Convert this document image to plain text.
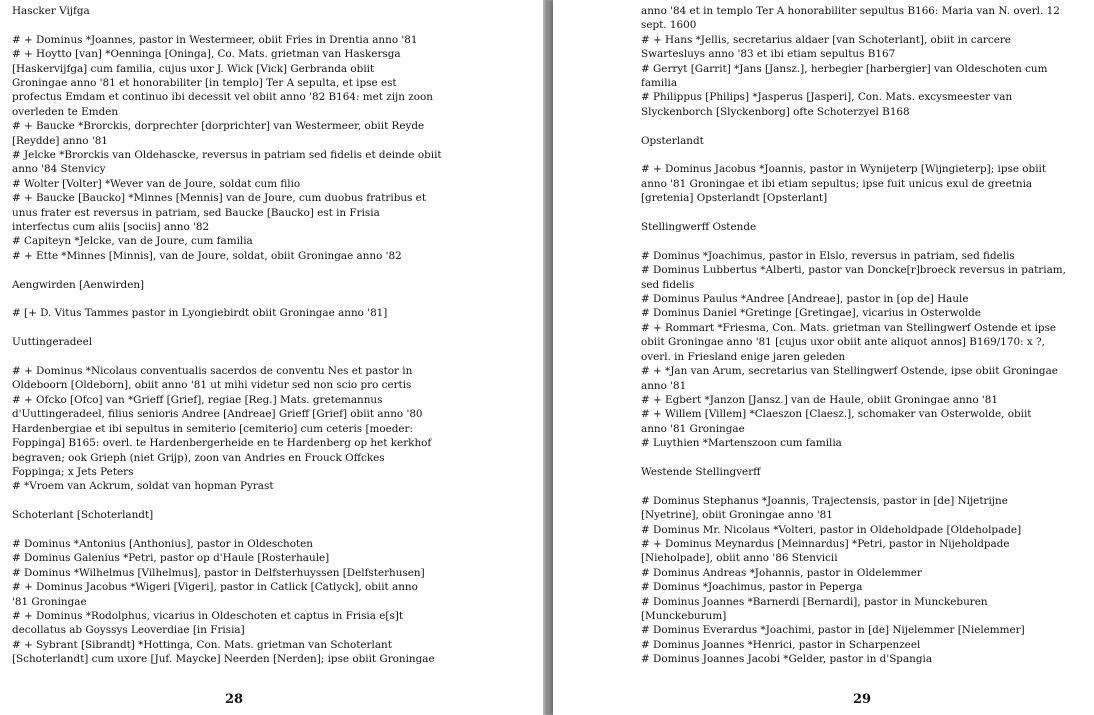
Hascker Vijfga
# + Dominus *Joannes, pastor in Westermeer, obiit Fries in Drentia anno '81
# + Hoytto [van] *Oenninga [Oninga], Co. Mats. grietman van Haskersga
[Haskervijfga] cum familia, cujus uxor J. Wick [Vick] Gerbranda obiit
Groningae anno '81 et honorabiliter [in templo] Ter A sepulta, et ipse est
profectus Emdam et continuo ibi decessit vel obiit anno '82 B164: met zijn zoon
overleden te Emden
# + Baucke *Brorckis, dorprechter [dorprichter] van Westermeer, obiit Reyde
[Reydde] anno '81
# Jelcke *Brorckis van Oldehascke, reversus in patriam sed fidelis et deinde obiit
anno '84 Stenvicy
# Wolter [Volter] *Wever van de Joure, soldat cum filio
# + Baucke [Baucko] *Minnes [Mennis] van de Joure, cum duobus fratribus et
unus frater est reversus in patriam, sed Baucke [Baucko] est in Frisia
interfectus cum aliis [sociis] anno '82
# Capiteyn *Jelcke, van de Joure, cum familia
# + Ette *Minnes [Minnis], van de Joure, soldat, obiit Groningae anno '82
Aengwirden [Aenwirden]
# [+ D. Vitus Tammes pastor in Lyongiebirdt obiit Groningae anno '81]
Uuttingeradeel
# + Dominus *Nicolaus conventualis sacerdos de conventu Nes et pastor in
Oldeboorn [Oldeborn], obiit anno '81 ut mihi videtur sed non scio pro certis
# + Ofcko [Ofco] van *Grieff [Grief], regiae [Reg.] Mats. gretemannus
d'Uuttingeradeel, filius senioris Andree [Andreae] Grieff [Grief] obiit anno '80
Hardenbergiae et ibi sepultus in semiterio [cemiterio] cum ceteris [moeder:
Foppinga] B165: overl. te Hardenbergerheide en te Hardenberg op het kerkhof
begraven; ook Grieph (niet Grijp), zoon van Andries en Frouck Offckes
Foppinga; x Jets Peters
# *Vroem van Ackrum, soldat van hopman Pyrast
Schoterlant [Schoterlandt]
# Dominus *Antonius [Anthonius], pastor in Oldeschoten
# Dominus Galenius *Petri, pastor op d'Haule [Rosterhaule]
# Dominus *Wilhelmus [Vilhelmus], pastor in Delfsterhuyssen [Delfsterhusen]
# + Dominus Jacobus *Wigeri [Vigeri], pastor in Catlick [Catlyck], obiit anno
'81 Groningae
# + Dominus *Rodolphus, vicarius in Oldeschoten et captus in Frisia e[s]t
decollatus ab Goyssys Leoverdiae [in Frisia]
# + Sybrant [Sibrandt] *Hottinga, Con. Mats. grietman van Schoterlant
[Schoterlandt] cum uxore [Juf. Maycke] Neerden [Nerden]; ipse obiit Groningae
28
anno '84 et in templo Ter A honorabiliter sepultus B166: Maria van N. overl. 12
sept. 1600
# + Hans *Jellis, secretarius aldaer [van Schoterlant], obiit in carcere
Swartesluys anno '83 et ibi etiam sepultus B167
# Gerryt [Garrit] *Jans [Jansz.], herbegier [harbergier] van Oldeschoten cum
familia
# Philippus [Philips] *Jasperus [Jasperi], Con. Mats. excysmeester van
Slyckenborch [Slyckenborg] ofte Schoterzyel B168
Opsterlandt
# + Dominus Jacobus *Joannis, pastor in Wynijeterp [Wijngieterp]; ipse obiit
anno '81 Groningae et ibi etiam sepultus; ipse fuit unicus exul de greetnia
[gretenia] Opsterlandt [Opsterlant]
Stellingwerff Ostende
# Dominus *Joachimus, pastor in Elslo, reversus in patriam, sed fidelis
# Dominus Lubbertus *Alberti, pastor van Doncke[r]broeck reversus in patriam,
sed fidelis
# Dominus Paulus *Andree [Andreae], pastor in [op de] Haule
# Dominus Daniel *Gretinge [Gretingae], vicarius in Osterwolde
# + Rommart *Friesma, Con. Mats. grietman van Stellingwerf Ostende et ipse
obiit Groningae anno '81 [cujus uxor obiit ante aliquot annos] B169/170: x ?,
overl. in Friesland enige jaren geleden
# + *Jan van Arum, secretarius van Stellingwerf Ostende, ipse obiit Groningae
anno '81
# + Egbert *Janzon [Jansz.] van de Haule, obiit Groningae anno '81
# + Willem [Villem] *Claeszon [Claesz.], schomaker van Osterwolde, obiit
anno '81 Groningae
# Luythien *Martenszoon cum familia
Westende Stellingverff
# Dominus Stephanus *Joannis, Trajectensis, pastor in [de] Nijetrijne
[Nyetrine], obiit Groningae anno '81
# Dominus Mr. Nicolaus *Volteri, pastor in Oldeholdpade [Oldeholpade]
# + Dominus Meynardus [Meinnardus] *Petri, pastor in Nijeholdpade
[Nieholpade], obiit anno '86 Stenvicii
# Dominus Andreas *Johannis, pastor in Oldelemmer
# Dominus *Joachimus, pastor in Peperga
# Dominus Joannes *Barnerdi [Bernardi], pastor in Munckeburen
[Munckeburum]
# Dominus Everardus *Joachimi, pastor in [de] Nijelemmer [Nielemmer]
# Dominus Joannes *Henrici, pastor in Scharpenzeel
# Dominus Joannes Jacobi *Gelder, pastor in d'Spangia
29
